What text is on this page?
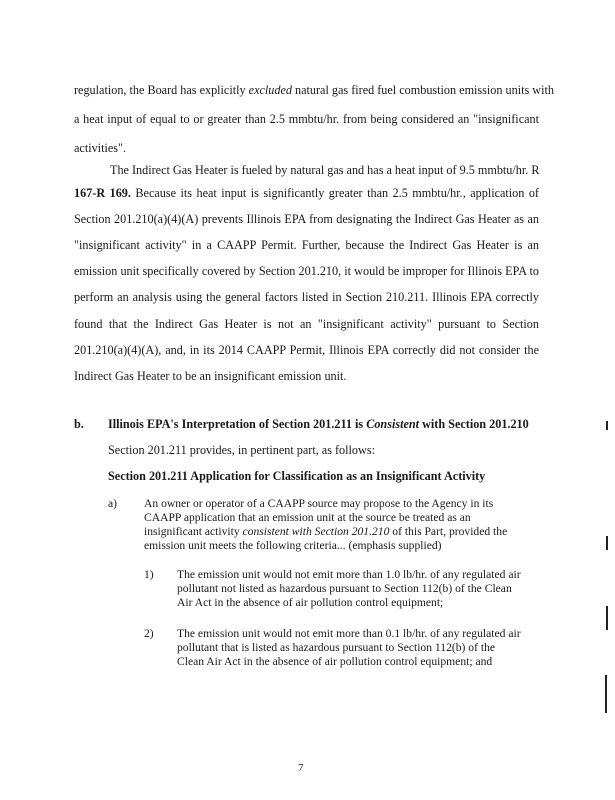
regulation, the Board has explicitly excluded natural gas fired fuel combustion emission units with
a heat input of equal to or greater than 2.5 mmbtu/hr. from being considered an "insignificant
activities".
The Indirect Gas Heater is fueled by natural gas and has a heat input of 9.5 mmbtu/hr. R
167-R 169. Because its heat input is significantly greater than 2.5 mmbtu/hr., application of
Section 201.210(a)(4)(A) prevents Illinois EPA from designating the Indirect Gas Heater as an
"insignificant activity" in a CAAPP Permit. Further, because the Indirect Gas Heater is an
emission unit specifically covered by Section 201.210, it would be improper for Illinois EPA to
perform an analysis using the general factors listed in Section 210.211. Illinois EPA correctly
found that the Indirect Gas Heater is not an "insignificant activity" pursuant to Section
201.210(a)(4)(A), and, in its 2014 CAAPP Permit, Illinois EPA correctly did not consider the
Indirect Gas Heater to be an insignificant emission unit.
b. Illinois EPA's Interpretation of Section 201.211 is Consistent with Section 201.210
Section 201.211 provides, in pertinent part, as follows:
Section 201.211 Application for Classification as an Insignificant Activity
a) An owner or operator of a CAAPP source may propose to the Agency in its
CAAPP application that an emission unit at the source be treated as an
insignificant activity consistent with Section 201.210 of this Part, provided the
emission unit meets the following criteria... (emphasis supplied)
1) The emission unit would not emit more than 1.0 lb/hr. of any regulated air
pollutant not listed as hazardous pursuant to Section 112(b) of the Clean
Air Act in the absence of air pollution control equipment;
2) The emission unit would not emit more than 0.1 lb/hr. of any regulated air
pollutant that is listed as hazardous pursuant to Section 112(b) of the
Clean Air Act in the absence of air pollution control equipment; and
7
